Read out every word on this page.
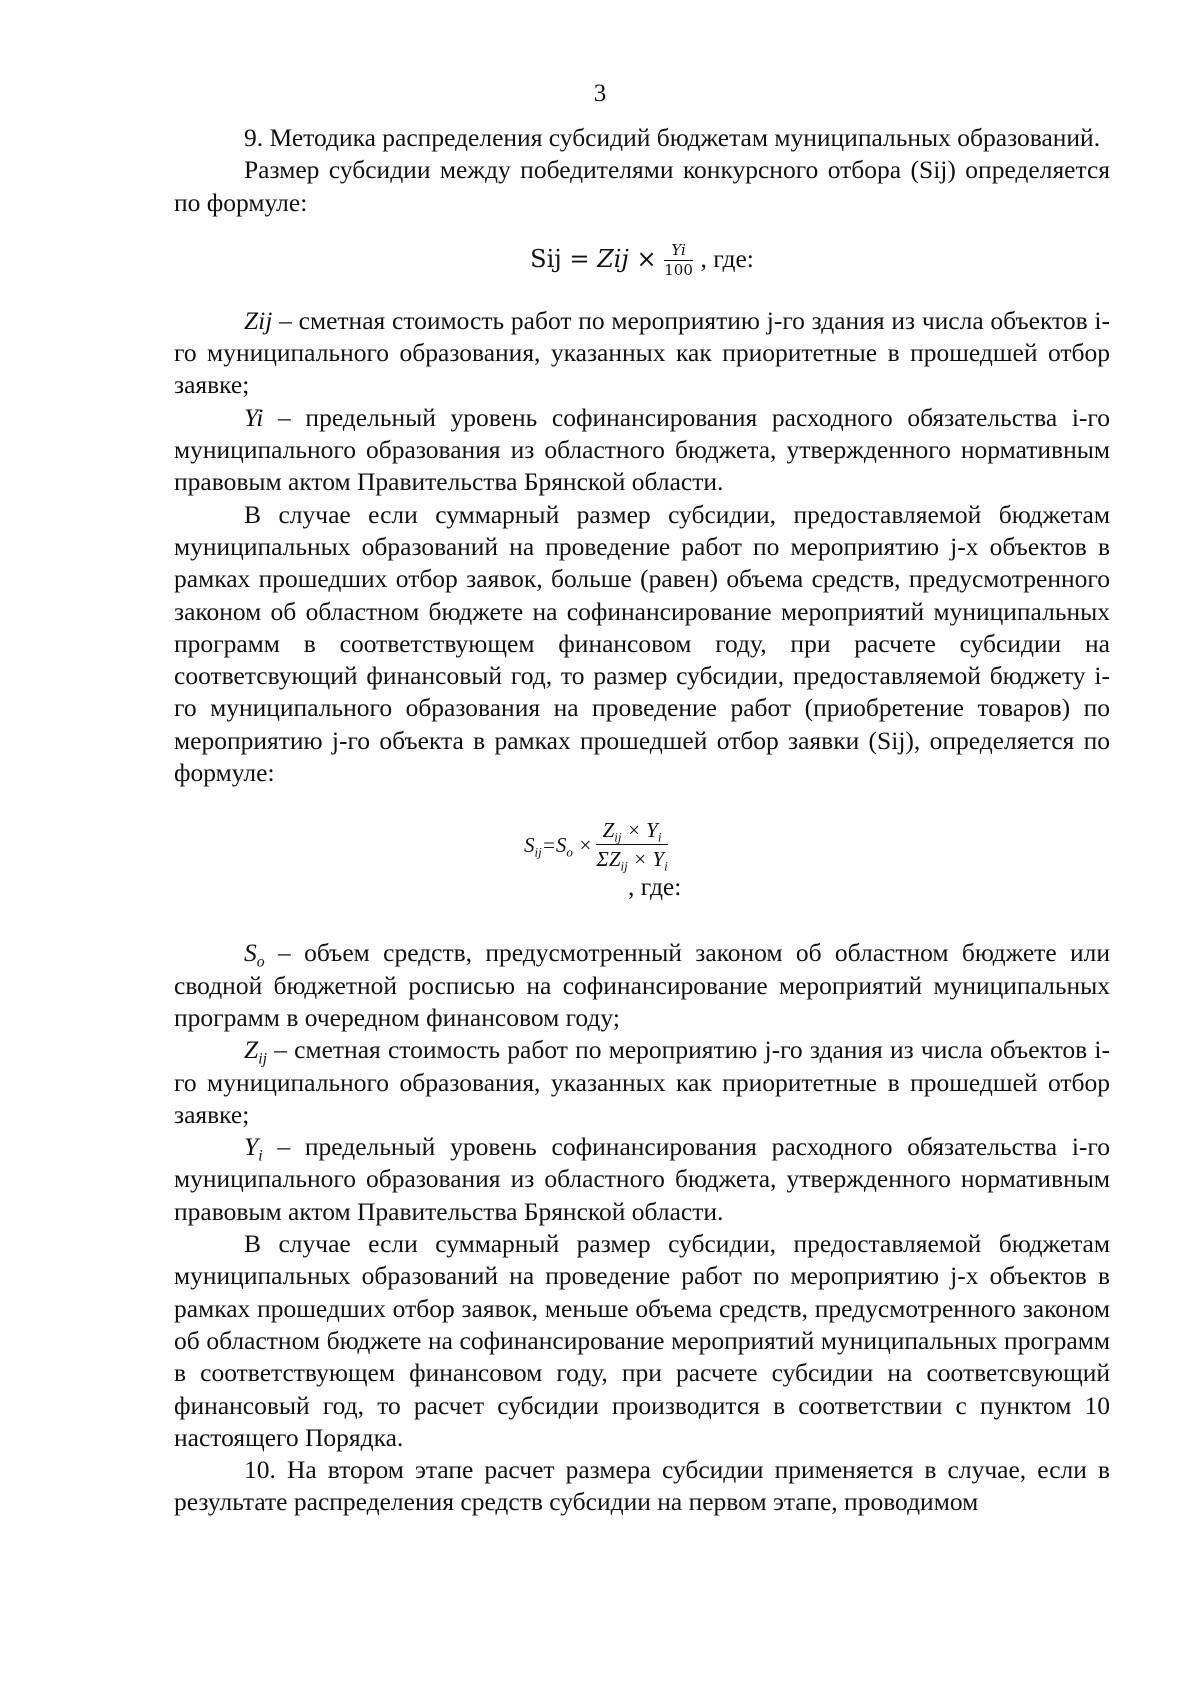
3

9. Методика распределения субсидий бюджетам муниципальных образований.

Размер субсидии между победителями конкурсного отбора (Sij) определяется по формуле:

Sij = Zij × $\frac{Yi}{100}$ , где:

Zij – сметная стоимость работ по мероприятию j-го здания из числа объектов i-го муниципального образования, указанных как приоритетные в прошедшей отбор заявке;

Yi – предельный уровень софинансирования расходного обязательства i-го муниципального образования из областного бюджета, утвержденного нормативным правовым актом Правительства Брянской области.

В случае если суммарный размер субсидии, предоставляемой бюджетам муниципальных образований на проведение работ по мероприятию j-х объектов в рамках прошедших отбор заявок, больше (равен) объема средств, предусмотренного законом об областном бюджете на софинансирование мероприятий муниципальных программ в соответствующем финансовом году, при расчете субсидии на соответсвующий финансовый год, то размер субсидии, предоставляемой бюджету i-го муниципального образования на проведение работ (приобретение товаров) по мероприятию j-го объекта в рамках прошедшей отбор заявки (Sij), определяется по формуле:

$S_{ij}=S_o$ ×
$Z_{ij} \times Y_i$
$\Sigma Z_{ij} \times Y_i$
, где:

$S_o$ – объем средств, предусмотренный законом об областном бюджете или сводной бюджетной росписью на софинансирование мероприятий муниципальных программ в очередном финансовом году;

$Z_{ij}$ – сметная стоимость работ по мероприятию j-го здания из числа объектов i-го муниципального образования, указанных как приоритетные в прошедшей отбор заявке;

$Y_i$ – предельный уровень софинансирования расходного обязательства i-го муниципального образования из областного бюджета, утвержденного нормативным правовым актом Правительства Брянской области.

В случае если суммарный размер субсидии, предоставляемой бюджетам муниципальных образований на проведение работ по мероприятию j-х объектов в рамках прошедших отбор заявок, меньше объема средств, предусмотренного законом об областном бюджете на софинансирование мероприятий муниципальных программ в соответствующем финансовом году, при расчете субсидии на соответсвующий финансовый год, то расчет субсидии производится в соответствии с пунктом 10 настоящего Порядка.

10. На втором этапе расчет размера субсидии применяется в случае, если в результате распределения средств субсидии на первом этапе, проводимом
